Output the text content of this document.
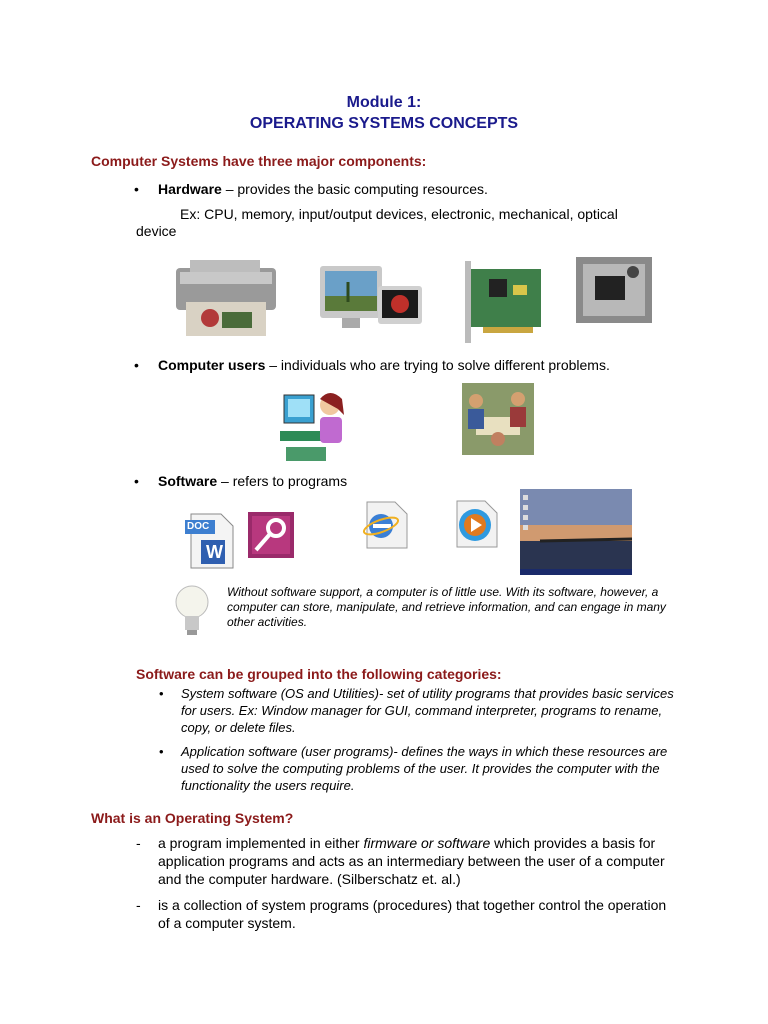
Module 1:
OPERATING SYSTEMS CONCEPTS
Computer Systems have three major components:
• Hardware – provides the basic computing resources.
Ex: CPU, memory, input/output devices, electronic, mechanical, optical
device
• Computer users – individuals who are trying to solve different problems.
• Software – refers to programs
DOC
W
Without software support, a computer is of little use. With its software, however, a computer can store, manipulate, and retrieve information, and can engage in many other activities.
Software can be grouped into the following categories:
• System software (OS and Utilities)- set of utility programs that provides basic services for users. Ex: Window manager for GUI, command interpreter, programs to rename, copy, or delete files.
• Application software (user programs)- defines the ways in which these resources are used to solve the computing problems of the user. It provides the computer with the functionality the users require.
What is an Operating System?
- a program implemented in either firmware or software which provides a basis for application programs and acts as an intermediary between the user of a computer and the computer hardware. (Silberschatz et. al.)
- is a collection of system programs (procedures) that together control the operation of a computer system.
